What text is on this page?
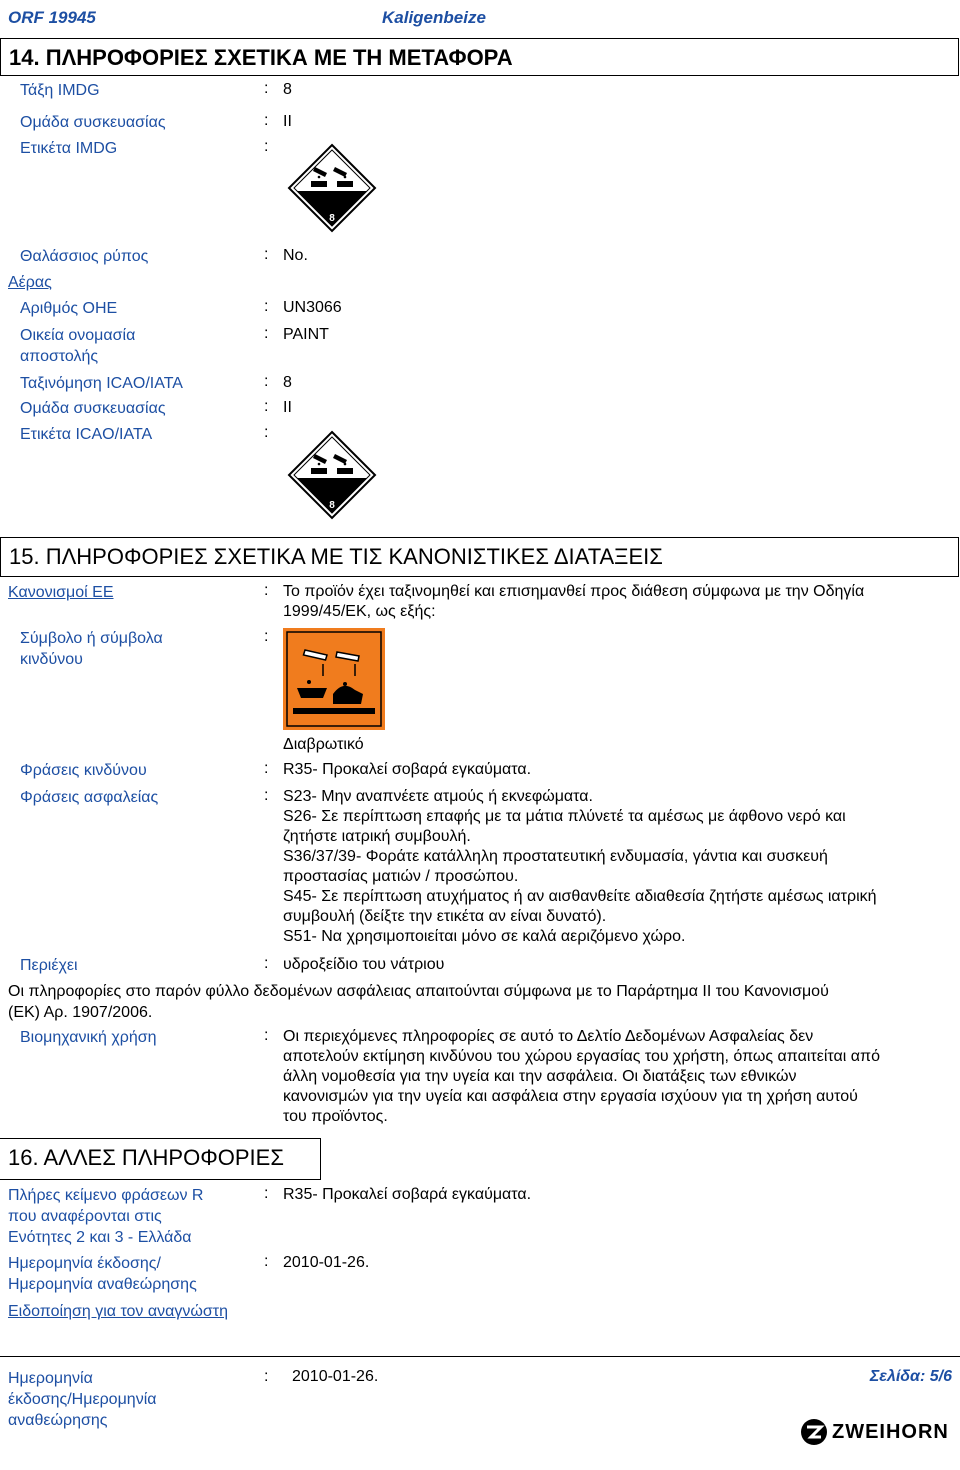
ORF 19945	Kaligenbeize
14. ΠΛΗΡΟΦΟΡΙΕΣ ΣΧΕΤΙΚΑ ΜΕ ΤΗ ΜΕΤΑΦΟΡΑ
Τάξη IMDG	: 8
Ομάδα συσκευασίας	: II
Ετικέτα IMDG	:
8
Θαλάσσιος ρύπος	: No.
Αέρας
Αριθμός ΟΗΕ	: UN3066
Οικεία ονομασία
αποστολής
: PAINT
Ταξινόμηση ICAO/IATA	: 8
Ομάδα συσκευασίας	: II
Ετικέτα ICAO/IATA	:
8
15. ΠΛΗΡΟΦΟΡΙΕΣ ΣΧΕΤΙΚΑ ΜΕ ΤΙΣ ΚΑΝΟΝΙΣΤΙΚΕΣ ΔΙΑΤΑΞΕΙΣ
Κανονισμοί ΕΕ	: Το προϊόν έχει ταξινομηθεί και επισημανθεί προς διάθεση σύμφωνα με την Οδηγία
1999/45/ΕΚ, ως εξής:
Σύμβολο ή σύμβολα
κινδύνου
:
Διαβρωτικό
Φράσεις κινδύνου	: R35- Προκαλεί σοβαρά εγκαύματα.
Φράσεις ασφαλείας	: S23- Μην αναπνέετε ατμούς ή εκνεφώματα.
S26- Σε περίπτωση επαφής με τα μάτια πλύνετέ τα αμέσως με άφθονο νερό και
ζητήστε ιατρική συμβουλή.
S36/37/39- Φοράτε κατάλληλη προστατευτική ενδυμασία, γάντια και συσκευή
προστασίας ματιών / προσώπου.
S45- Σε περίπτωση ατυχήματος ή αν αισθανθείτε αδιαθεσία ζητήστε αμέσως ιατρική
συμβουλή (δείξτε την ετικέτα αν είναι δυνατό).
S51- Να χρησιμοποιείται μόνο σε καλά αεριζόμενο χώρο.
Περιέχει	: υδροξείδιο του νάτριου
Οι πληροφορίες στο παρόν φύλλο δεδομένων ασφάλειας απαιτούνται σύμφωνα με το Παράρτημα II του Κανονισμού
(ΕΚ) Αρ. 1907/2006.
Βιομηχανική χρήση	: Οι περιεχόμενες πληροφορίες σε αυτό το Δελτίο Δεδομένων Ασφαλείας δεν
αποτελούν εκτίμηση κινδύνου του χώρου εργασίας του χρήστη, όπως απαιτείται από
άλλη νομοθεσία για την υγεία και την ασφάλεια. Οι διατάξεις των εθνικών
κανονισμών για την υγεία και ασφάλεια στην εργασία ισχύουν για τη χρήση αυτού
του προϊόντος.
16. ΑΛΛΕΣ ΠΛΗΡΟΦΟΡΙΕΣ
Πλήρες κείμενο φράσεων R
που αναφέρονται στις
Ενότητες 2 και 3 - Ελλάδα
: R35- Προκαλεί σοβαρά εγκαύματα.
Ημερομηνία έκδοσης/
Ημερομηνία αναθεώρησης
: 2010-01-26.
Ειδοποίηση για τον αναγνώστη
Ημερομηνία
έκδοσης/Ημερομηνία
αναθεώρησης
: 2010-01-26.	Σελίδα: 5/6
ZWEIHORN
